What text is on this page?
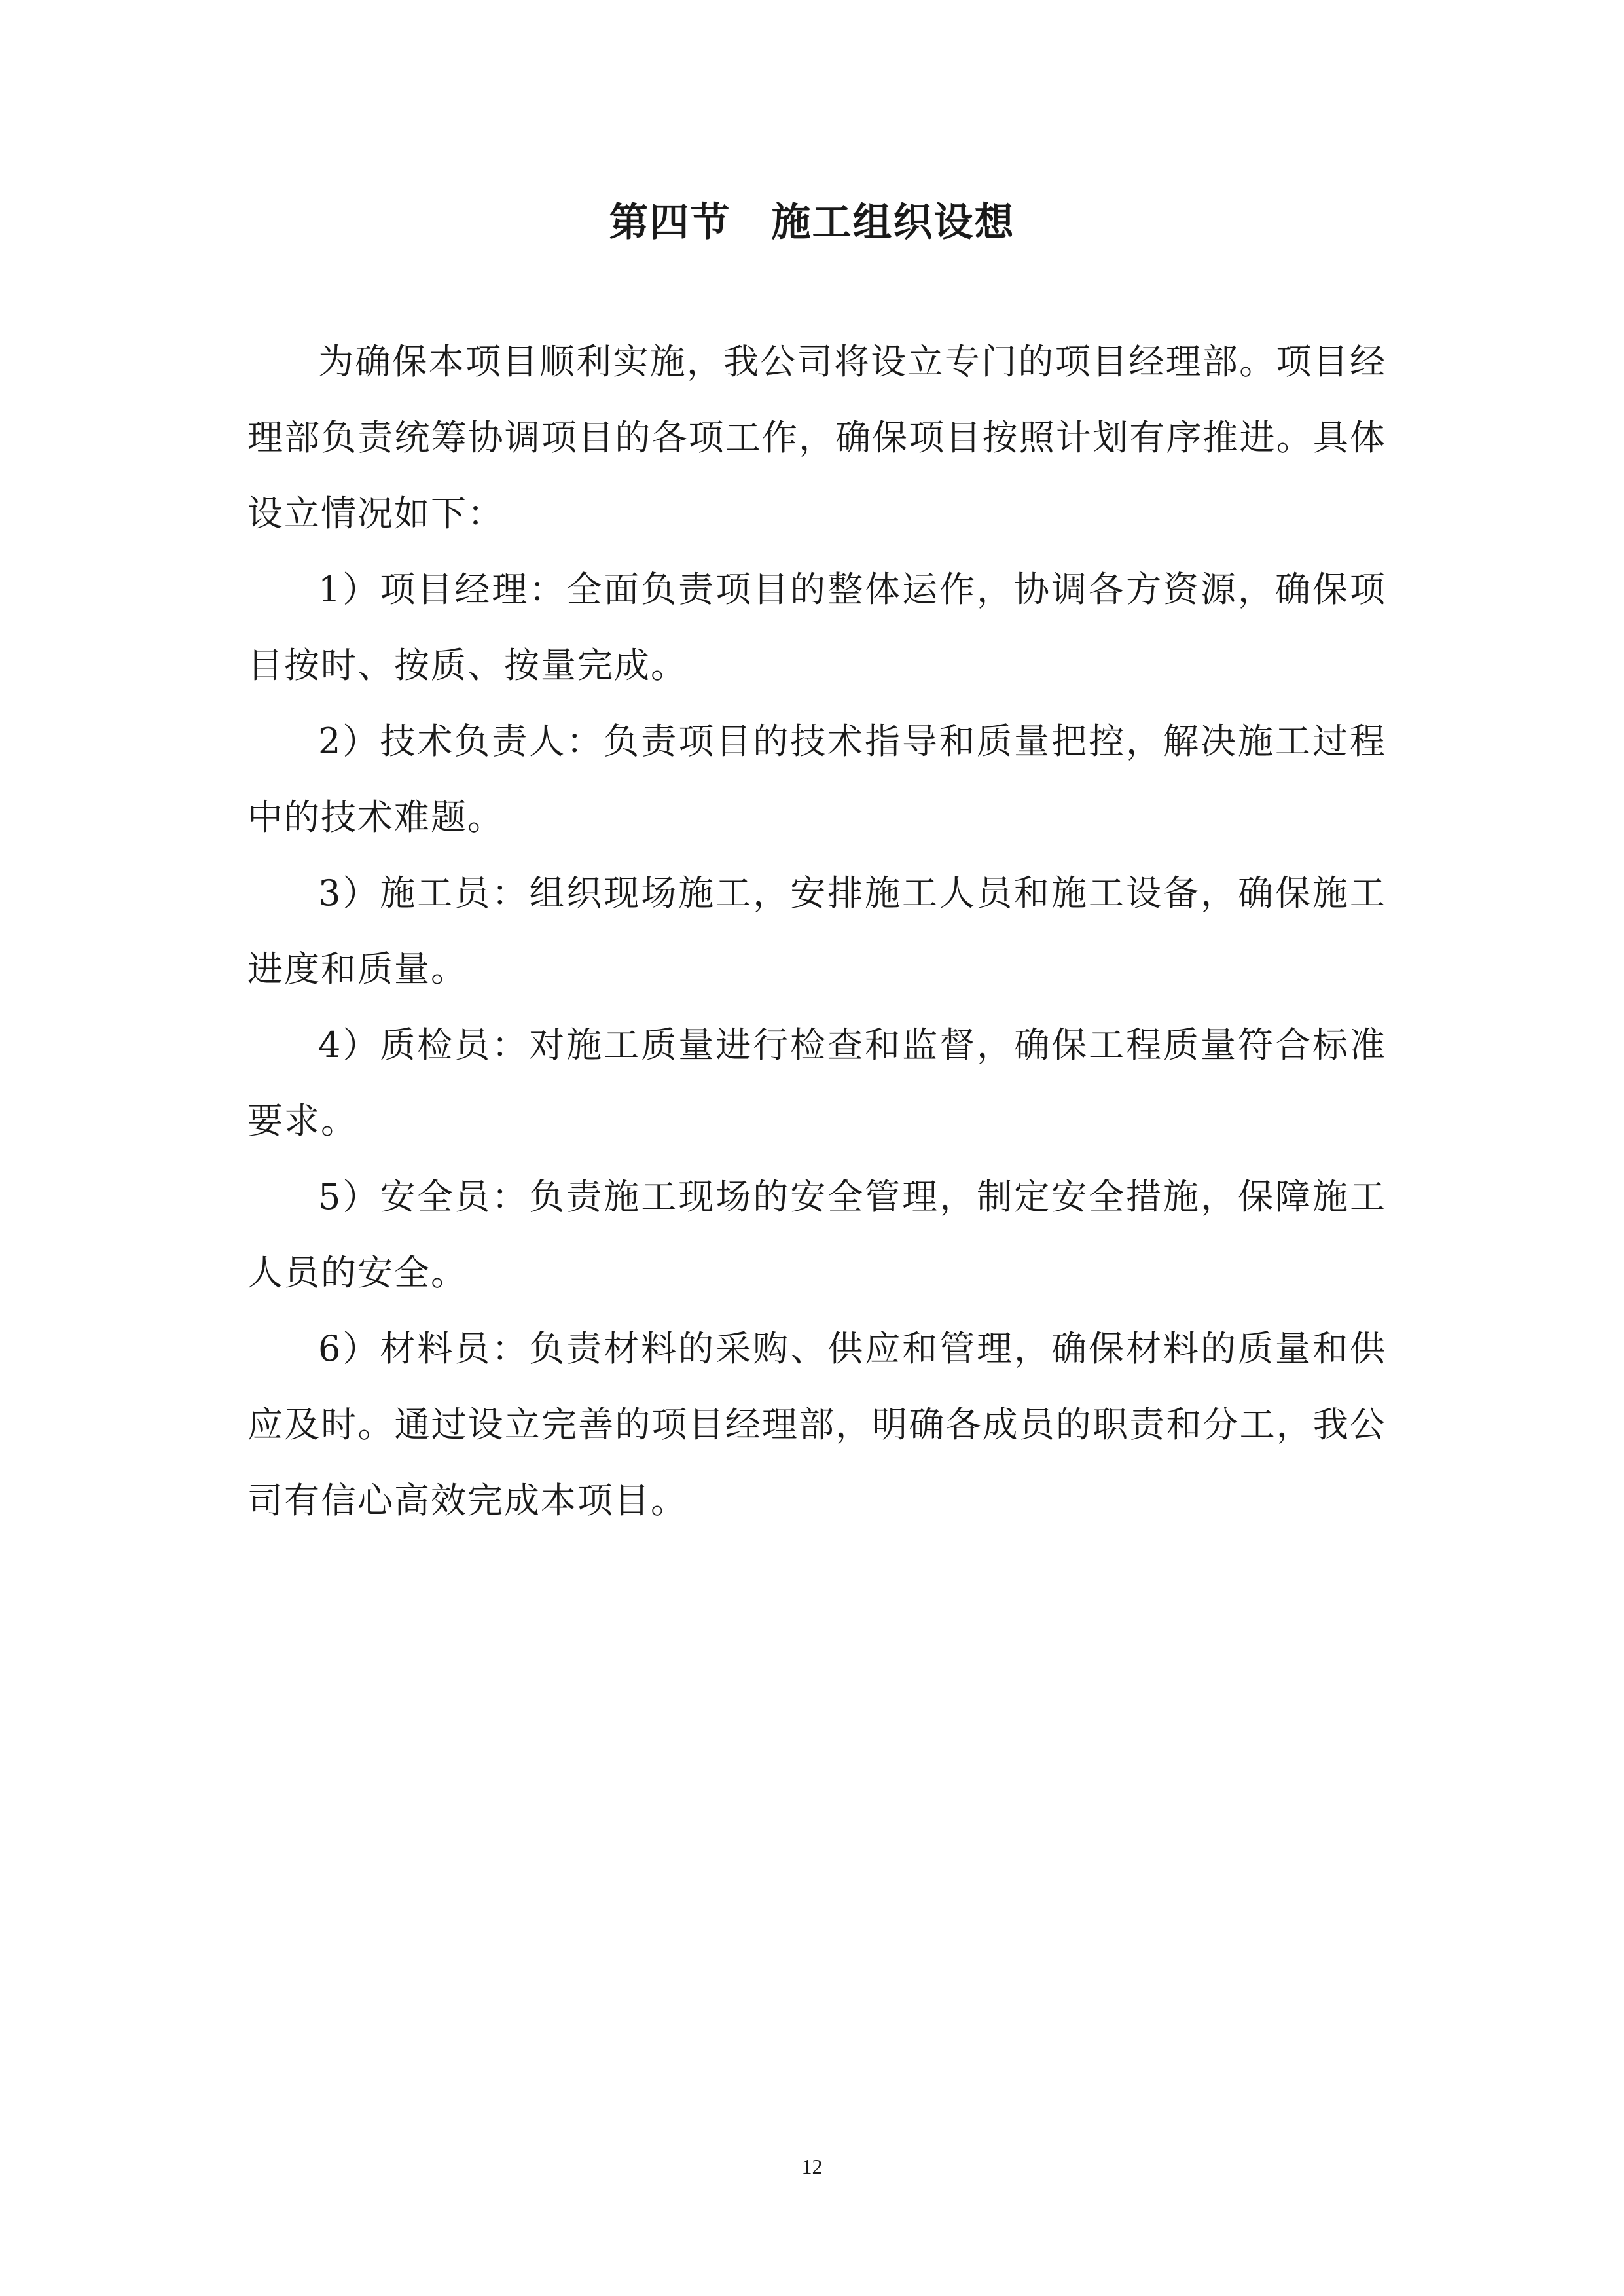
第四节　施工组织设想

为确保本项目顺利实施，我公司将设立专门的项目经理部。项目经理部负责统筹协调项目的各项工作，确保项目按照计划有序推进。具体设立情况如下：

1）项目经理：全面负责项目的整体运作，协调各方资源，确保项目按时、按质、按量完成。

2）技术负责人：负责项目的技术指导和质量把控，解决施工过程中的技术难题。

3）施工员：组织现场施工，安排施工人员和施工设备，确保施工进度和质量。

4）质检员：对施工质量进行检查和监督，确保工程质量符合标准要求。

5）安全员：负责施工现场的安全管理，制定安全措施，保障施工人员的安全。

6）材料员：负责材料的采购、供应和管理，确保材料的质量和供应及时。通过设立完善的项目经理部，明确各成员的职责和分工，我公司有信心高效完成本项目。

12
